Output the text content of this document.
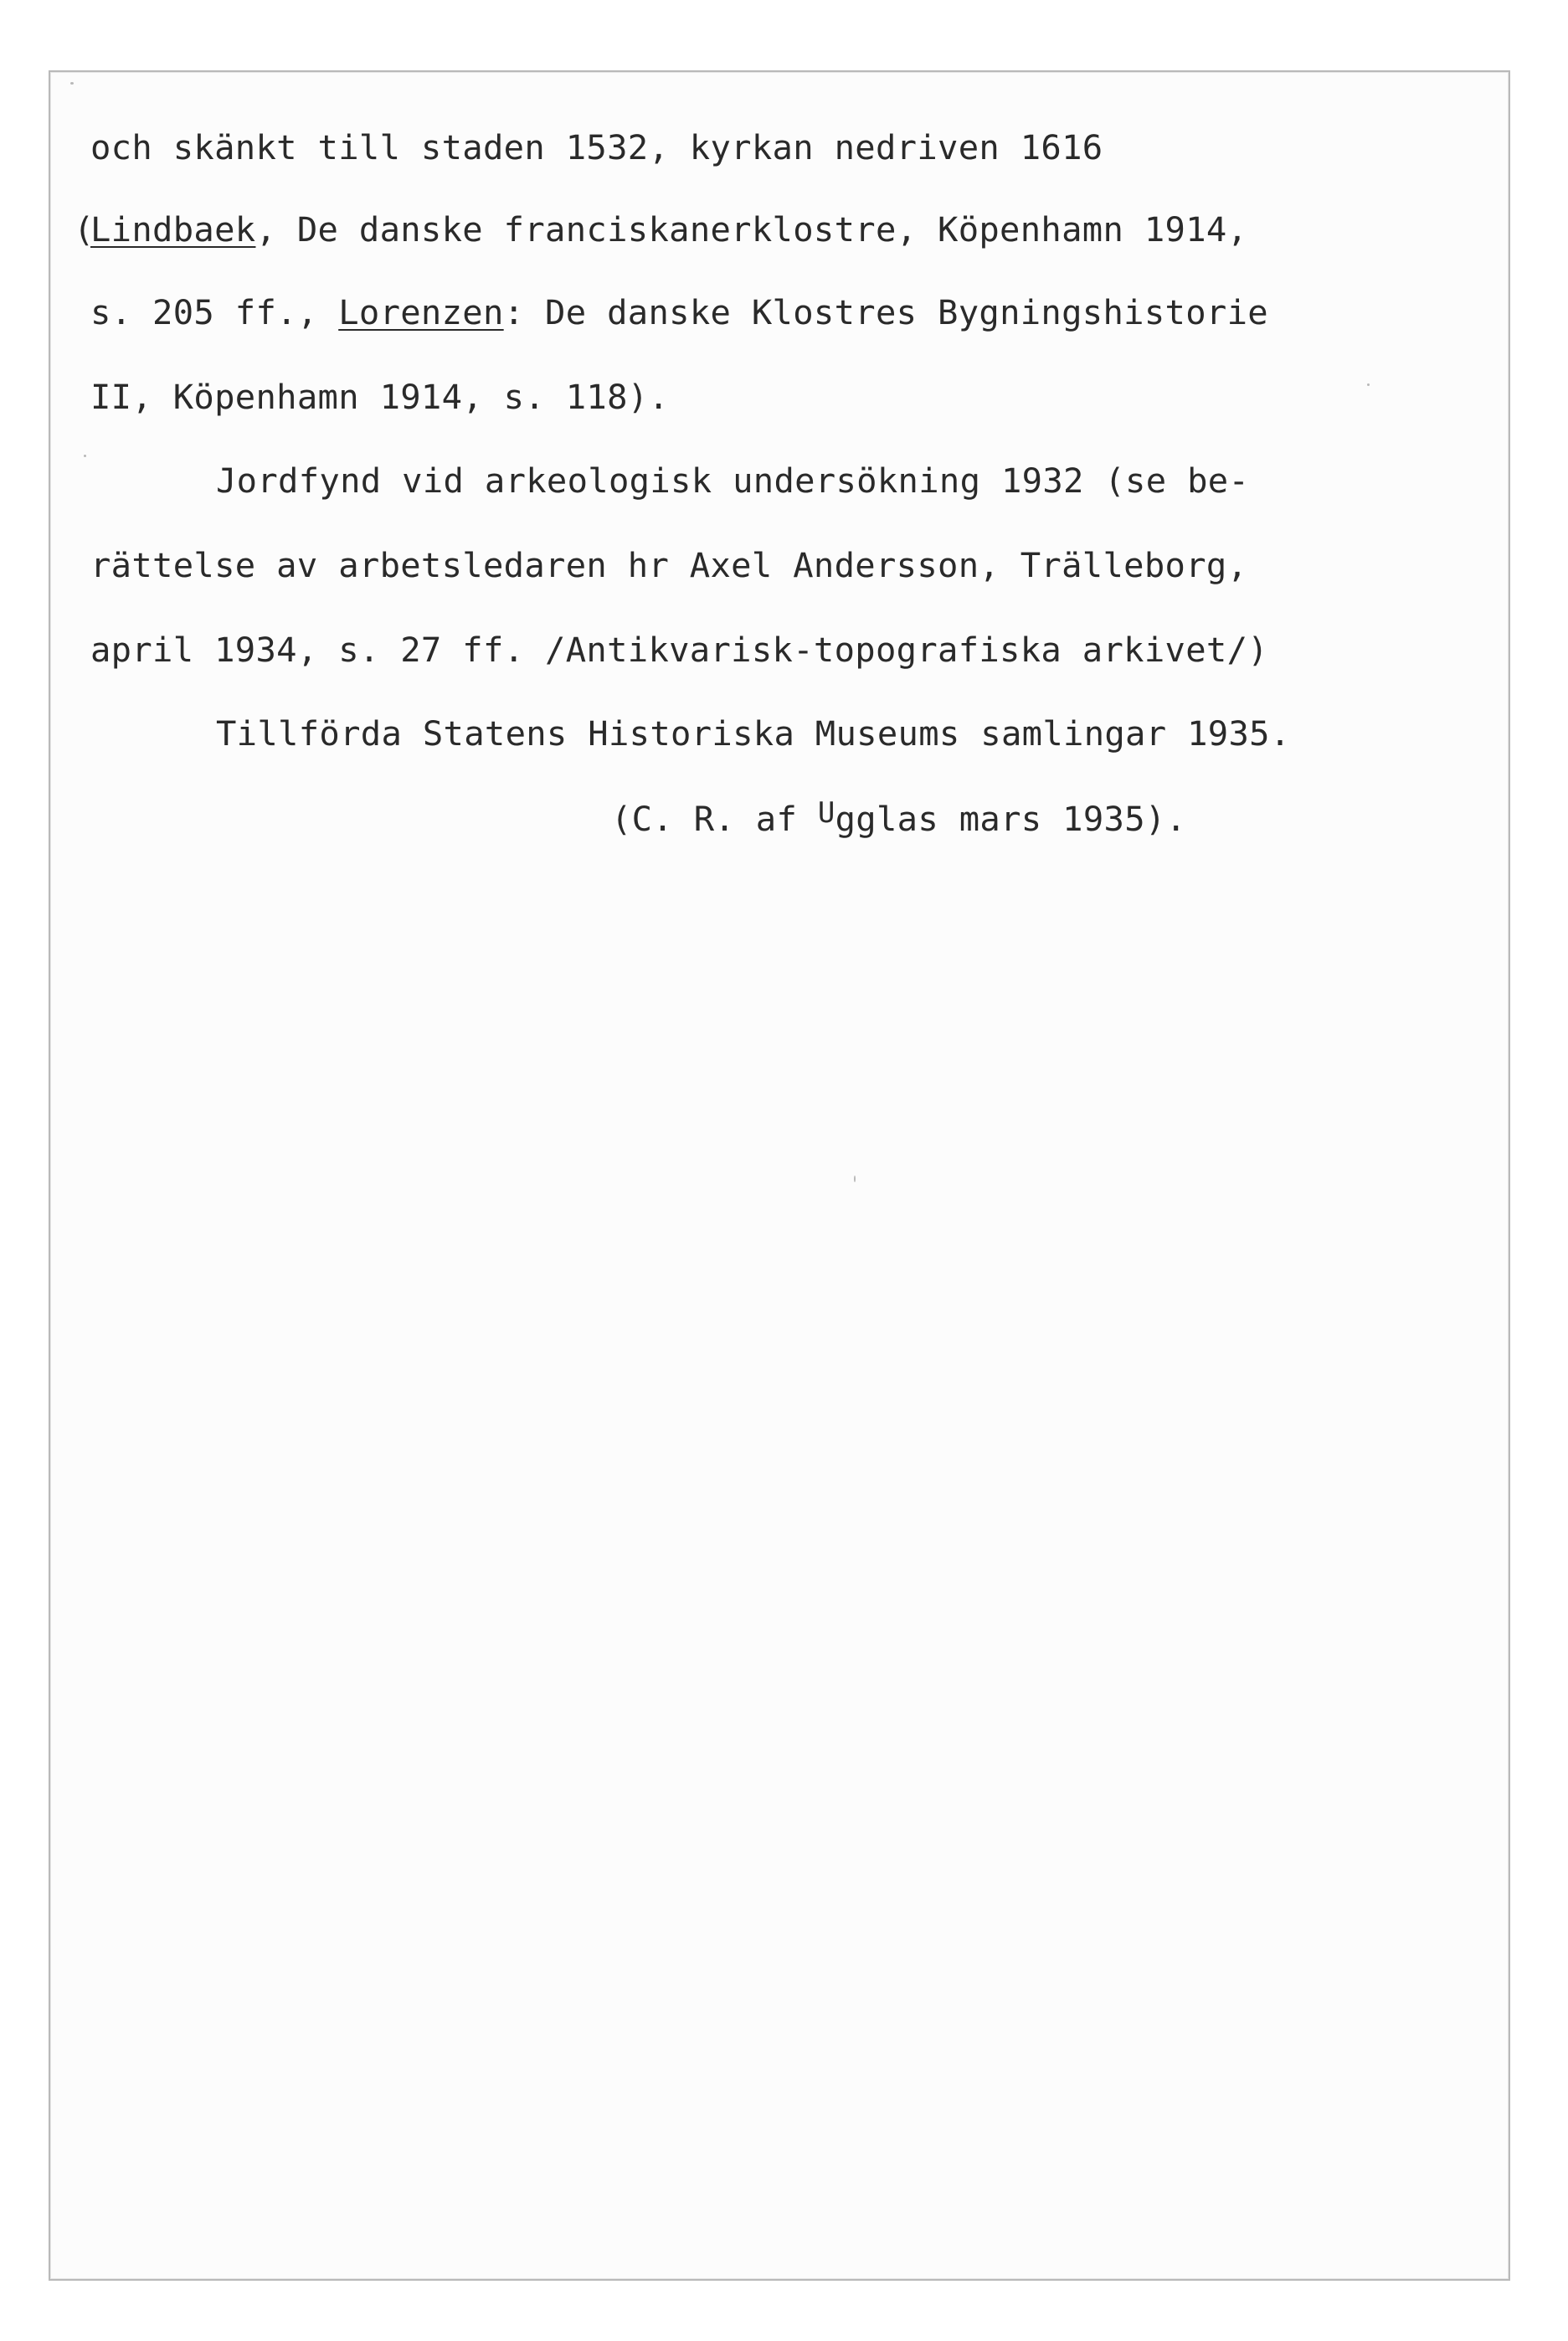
och skänkt till staden 1532, kyrkan nedriven 1616
(
Lindbaek, De danske franciskanerklostre, Köpenhamn 1914,
s. 205 ff., Lorenzen: De danske Klostres Bygningshistorie
II, Köpenhamn 1914, s. 118).
Jordfynd vid arkeologisk undersökning 1932 (se be-
rättelse av arbetsledaren hr Axel Andersson, Trälleborg,
april 1934, s. 27 ff. /Antikvarisk-topografiska arkivet/)
Tillförda Statens Historiska Museums samlingar 1935.
(C. R. af $^U$gglas mars 1935).
